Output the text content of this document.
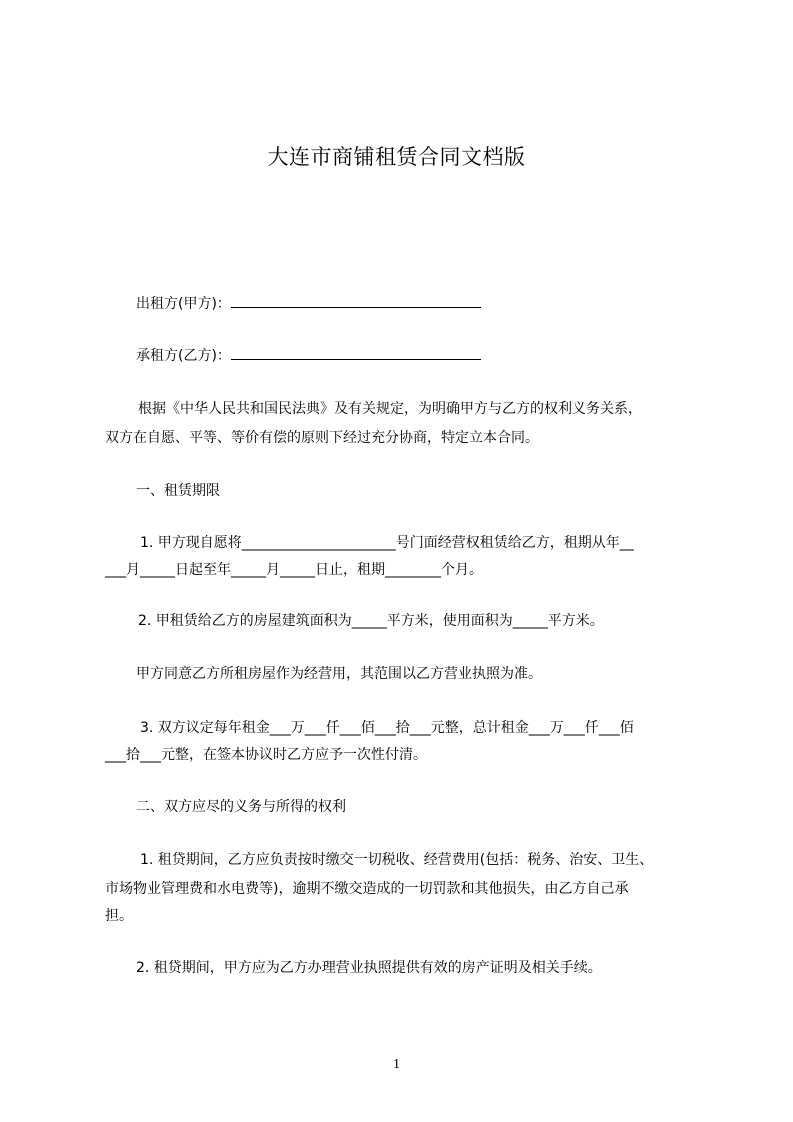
大连市商铺租赁合同文档版
出租方(甲方)：
承租方(乙方)：
根据《中华人民共和国民法典》及有关规定，为明确甲方与乙方的权利义务关系，
双方在自愿、平等、等价有偿的原则下经过充分协商，特定立本合同。
一、租赁期限
1. 甲方现自愿将______________________号门面经营权租赁给乙方，租期从年__
___月_____日起至年_____月_____日止，租期________个月。
2. 甲租赁给乙方的房屋建筑面积为_____平方米，使用面积为_____平方米。
甲方同意乙方所租房屋作为经营用，其范围以乙方营业执照为准。
3. 双方议定每年租金___万___仟___佰___拾___元整，总计租金___万___仟___佰
___拾___元整，在签本协议时乙方应予一次性付清。
二、双方应尽的义务与所得的权利
1. 租贷期间，乙方应负责按时缴交一切税收、经营费用(包括：税务、治安、卫生、
市场物业管理费和水电费等)，逾期不缴交造成的一切罚款和其他损失，由乙方自己承
担。
2. 租贷期间，甲方应为乙方办理营业执照提供有效的房产证明及相关手续。
1
